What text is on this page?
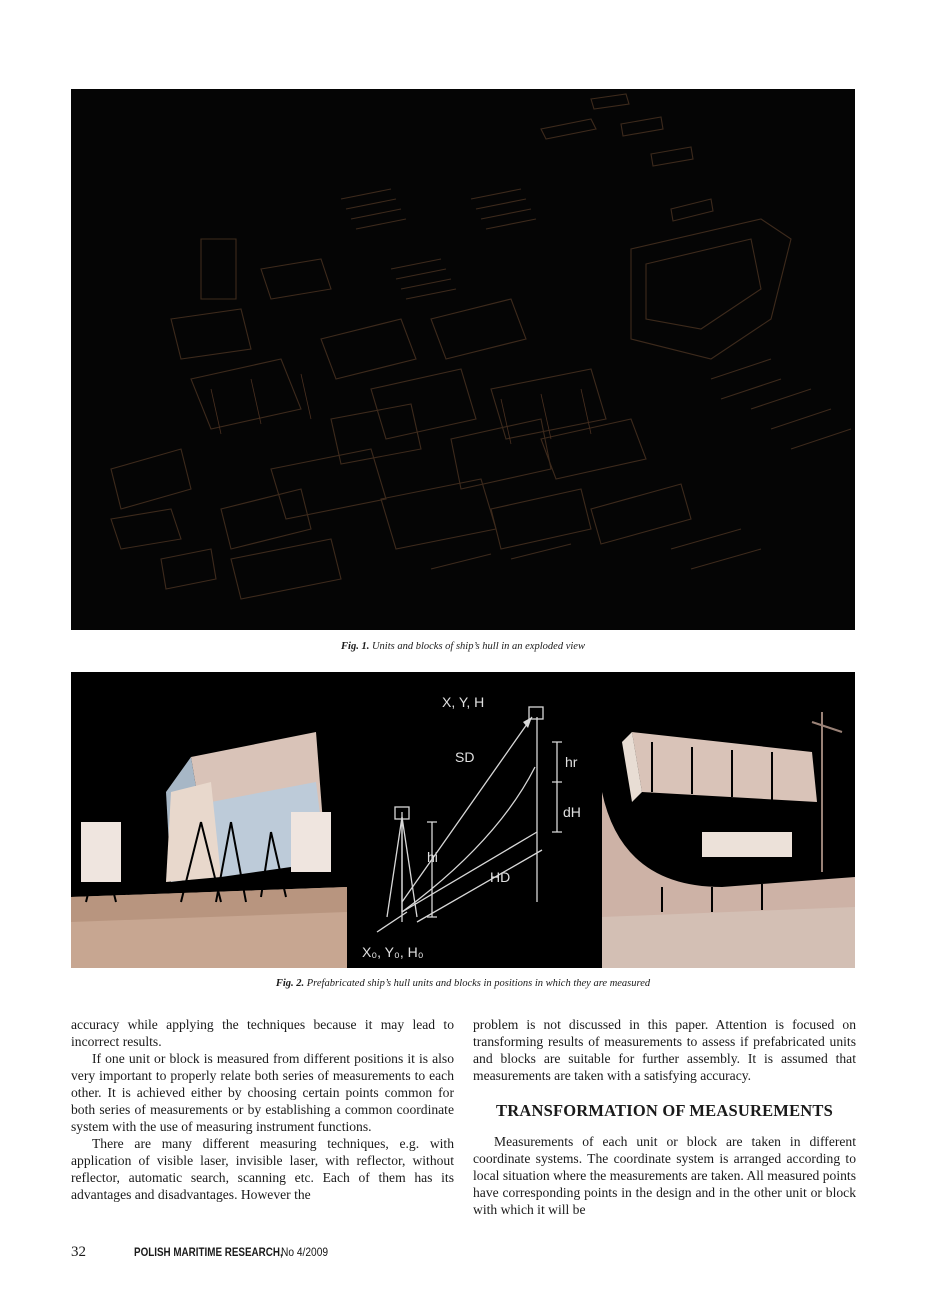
Fig. 1. Units and blocks of ship’s hull in an exploded view
X, Y, H
SD	hr
dH
hi
HD
X₀, Y₀, H₀
Fig. 2. Prefabricated ship’s hull units and blocks in positions in which they are measured

accuracy while applying the techniques because it may lead to incorrect results.

If one unit or block is measured from different positions it is also very important to properly relate both series of measurements to each other. It is achieved either by choosing certain points common for both series of measurements or by establishing a common coordinate system with the use of measuring instrument functions.

There are many different measuring techniques, e.g. with application of visible laser, invisible laser, with reflector, without reflector, automatic search, scanning etc. Each of them has its advantages and disadvantages. However the

problem is not discussed in this paper. Attention is focused on transforming results of measurements to assess if prefabricated units and blocks are suitable for further assembly. It is assumed that measurements are taken with a satisfying accuracy.

TRANSFORMATION OF MEASUREMENTS

Measurements of each unit or block are taken in different coordinate systems. The coordinate system is arranged according to local situation where the measurements are taken. All measured points have corresponding points in the design and in the other unit or block with which it will be

32	POLISH MARITIME RESEARCH,
No 4/2009
